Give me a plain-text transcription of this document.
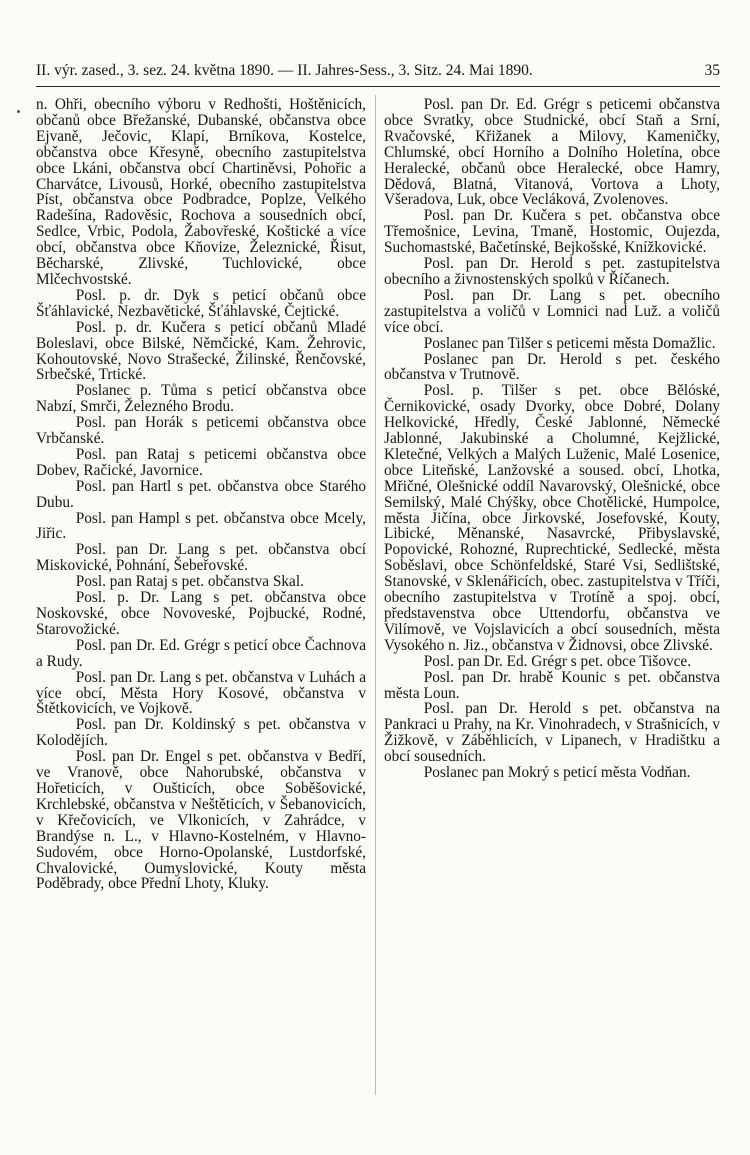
II. výr. zased., 3. sez. 24. května 1890. — II. Jahres-Sess., 3. Sitz. 24. Mai 1890.	35

n. Ohři, obecního výboru v Redhošti, Hoštěnicích, občanů obce Břežanské, Dubanské, občanstva obce Ejvaně, Ječovic, Klapí, Brníkova, Kostelce, občanstva obce Křesyně, obecního zastupitelstva obce Lkáni, občanstva obcí Chartiněvsi, Pohořic a Charvátce, Livousů, Horké, obecního zastupitelstva Píst, občanstva obce Podbradce, Poplze, Velkého Radešína, Radověsic, Rochova a sousedních obcí, Sedlce, Vrbic, Podola, Žabovřeské, Koštické a více obcí, občanstva obce Kňovize, Železnické, Řisut, Běcharské, Zlivské, Tuchlovické, obce Mlčechvostské.

Posl. p. dr. Dyk s peticí občanů obce Šťáhlavické, Nezbavětické, Šťáhlavské, Čejtické.

Posl. p. dr. Kučera s peticí občanů Mladé Boleslavi, obce Bilské, Němčické, Kam. Žehrovic, Kohoutovské, Novo Strašecké, Žilinské, Řenčovské, Srbečské, Trtické.

Poslanec p. Tůma s peticí občanstva obce Nabzí, Smrči, Železného Brodu.

Posl. pan Horák s peticemi občanstva obce Vrbčanské.

Posl. pan Rataj s peticemi občanstva obce Dobev, Račické, Javornice.

Posl. pan Hartl s pet. občanstva obce Starého Dubu.

Posl. pan Hampl s pet. občanstva obce Mcely, Jiřic.

Posl. pan Dr. Lang s pet. občanstva obcí Miskovické, Pohnání, Šebeřovské.

Posl. pan Rataj s pet. občanstva Skal.

Posl. p. Dr. Lang s pet. občanstva obce Noskovské, obce Novoveské, Pojbucké, Rodné, Starovožické.

Posl. pan Dr. Ed. Grégr s peticí obce Čachnova a Rudy.

Posl. pan Dr. Lang s pet. občanstva v Luhách a více obcí, Města Hory Kosové, občanstva v Štětkovicích, ve Vojkově.

Posl. pan Dr. Koldinský s pet. občanstva v Kolodějích.

Posl. pan Dr. Engel s pet. občanstva v Bedří, ve Vranově, obce Nahorubské, občanstva v Hořeticích, v Oušticích, obce Soběšovické, Krchlebské, občanstva v Neštěticích, v Šebanovicích, v Křečovicích, ve Vlkonicích, v Zahrádce, v Brandýse n. L., v Hlavno-Kostelném, v Hlavno-Sudovém, obce Horno-Opolanské, Lustdorfské, Chvalovické, Oumyslovické, Kouty města Poděbrady, obce Přední Lhoty, Kluky.

Posl. pan Dr. Ed. Grégr s peticemi občanstva obce Svratky, obce Studnické, obcí Staň a Srní, Rvačovské, Křižanek a Milovy, Kameničky, Chlumské, obcí Horního a Dolního Holetína, obce Heralecké, občanů obce Heralecké, obce Hamry, Dědová, Blatná, Vitanová, Vortova a Lhoty, Všeradova, Luk, obce Vecláková, Zvolenoves.

Posl. pan Dr. Kučera s pet. občanstva obce Třemošnice, Levina, Tmaně, Hostomic, Oujezda, Suchomastské, Bačetínské, Bejkošské, Knížkovické.

Posl. pan Dr. Herold s pet. zastupitelstva obecního a živnostenských spolků v Říčanech.

Posl. pan Dr. Lang s pet. obecního zastupitelstva a voličů v Lomnici nad Luž. a voličů více obcí.

Poslanec pan Tilšer s peticemi města Domažlic.

Poslanec pan Dr. Herold s pet. českého občanstva v Trutnově.

Posl. p. Tilšer s pet. obce Bělóské, Černikovické, osady Dvorky, obce Dobré, Dolany Helkovické, Hředly, České Jablonné, Německé Jablonné, Jakubinské a Cholumné, Kejžlické, Kletečné, Velkých a Malých Luženic, Malé Losenice, obce Liteňské, Lanžovské a soused. obcí, Lhotka, Mřičné, Olešnické oddíl Navarovský, Olešnické, obce Semilský, Malé Chýšky, obce Chotělické, Humpolce, města Jičína, obce Jirkovské, Josefovské, Kouty, Libické, Měnanské, Nasavrcké, Přibyslavské, Popovické, Rohozné, Ruprechtické, Sedlecké, města Soběslavi, obce Schönfeldské, Staré Vsi, Sedlištské, Stanovské, v Sklenářicích, obec. zastupitelstva v Tříči, obecního zastupitelstva v Trotíně a spoj. obcí, představenstva obce Uttendorfu, občanstva ve Vilímově, ve Vojslavicích a obcí sousedních, města Vysokého n. Jiz., občanstva v Židnovsi, obce Zlivské.

Posl. pan Dr. Ed. Grégr s pet. obce Tišovce.

Posl. pan Dr. hrabě Kounic s pet. občanstva města Loun.

Posl. pan Dr. Herold s pet. občanstva na Pankraci u Prahy, na Kr. Vinohradech, v Strašnicích, v Žižkově, v Záběhlicích, v Lipanech, v Hradištku a obcí sousedních.

Poslanec pan Mokrý s peticí města Vodňan.
